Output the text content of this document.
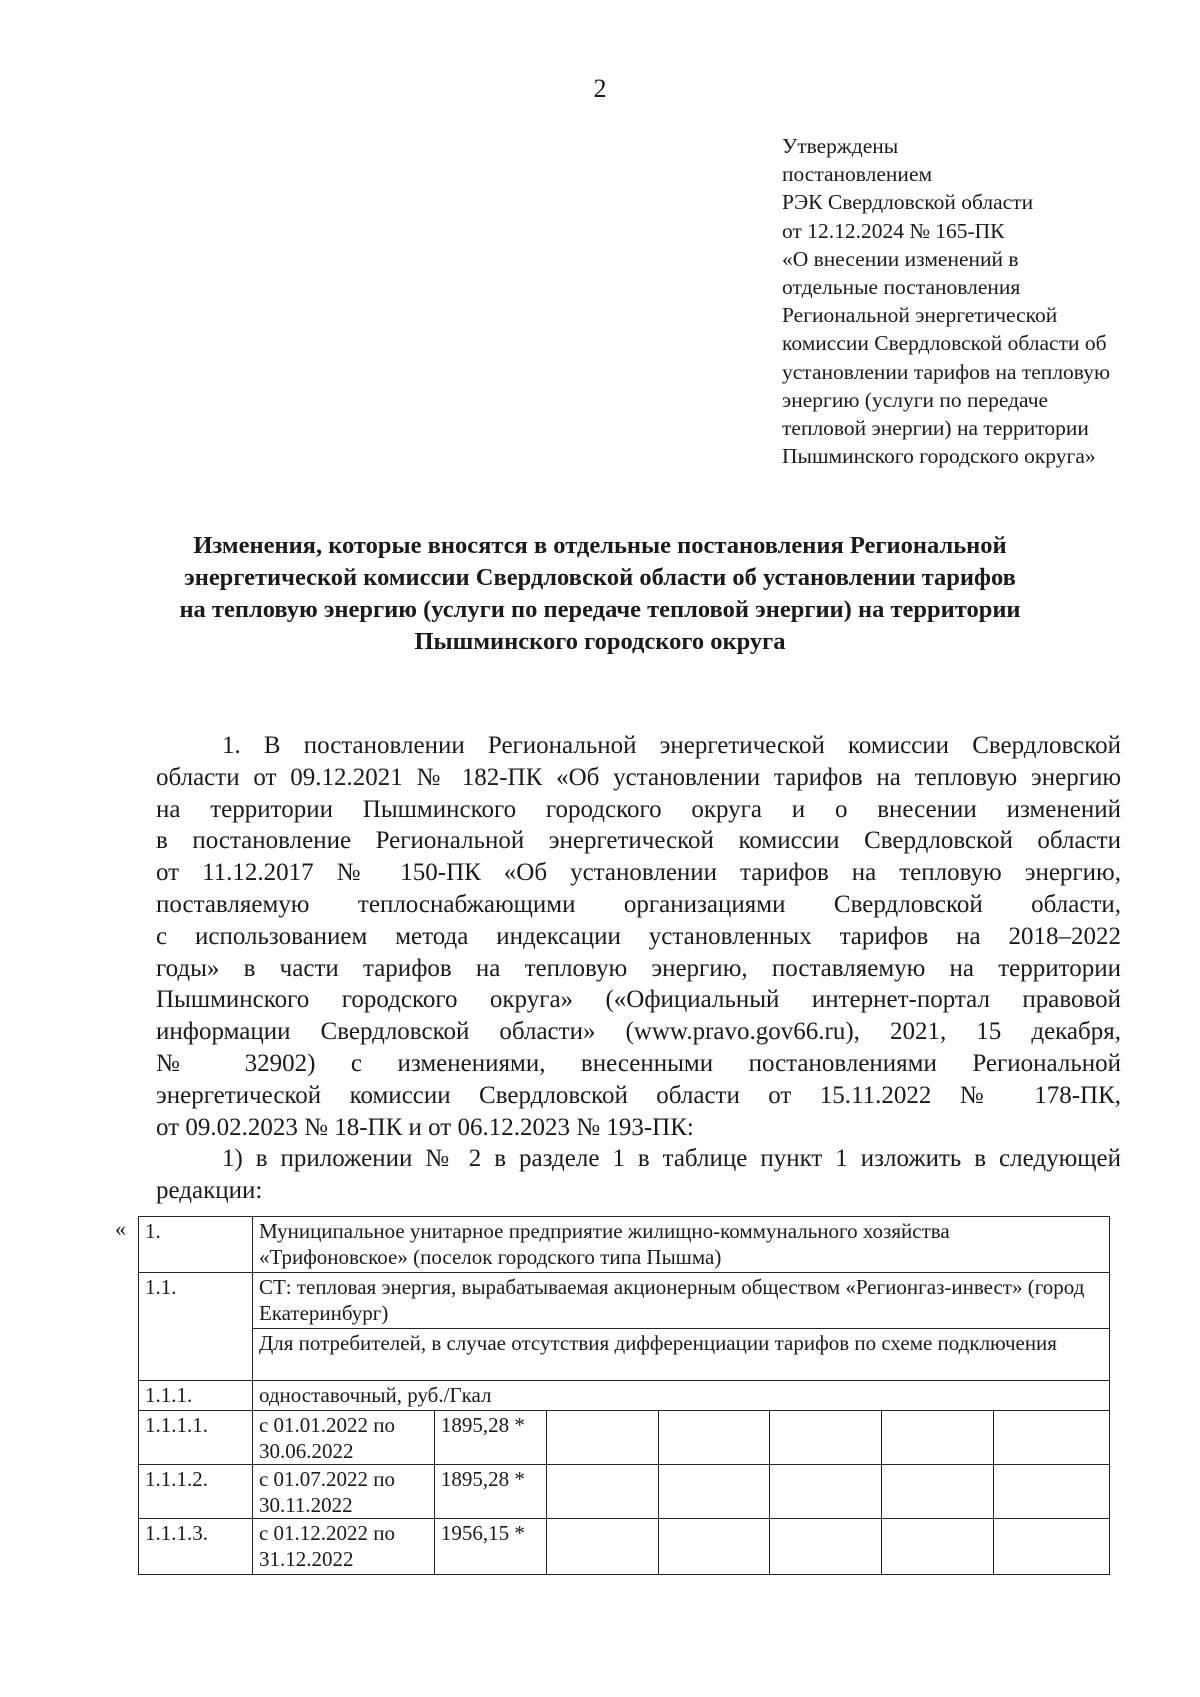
2
Утверждены
постановлением
РЭК Свердловской области
от 12.12.2024 № 165-ПК
«О внесении изменений в
отдельные постановления
Региональной энергетической
комиссии Свердловской области об
установлении тарифов на тепловую
энергию (услуги по передаче
тепловой энергии) на территории
Пышминского городского округа»
Изменения, которые вносятся в отдельные постановления Региональной
энергетической комиссии Свердловской области об установлении тарифов
на тепловую энергию (услуги по передаче тепловой энергии) на территории
Пышминского городского округа
1. В постановлении Региональной энергетической комиссии Свердловской
области от 09.12.2021 № 182-ПК «Об установлении тарифов на тепловую энергию
на территории Пышминского городского округа и о внесении изменений
в постановление Региональной энергетической комиссии Свердловской области
от 11.12.2017 № 150-ПК «Об установлении тарифов на тепловую энергию,
поставляемую теплоснабжающими организациями Свердловской области,
с использованием метода индексации установленных тарифов на 2018–2022
годы» в части тарифов на тепловую энергию, поставляемую на территории
Пышминского городского округа» («Официальный интернет-портал правовой
информации Свердловской области» (www.pravo.gov66.ru), 2021, 15 декабря,
№ 32902) с изменениями, внесенными постановлениями Региональной
энергетической комиссии Свердловской области от 15.11.2022 № 178-ПК,
от 09.02.2023 № 18-ПК и от 06.12.2023 № 193-ПК:
1) в приложении № 2 в разделе 1 в таблице пункт 1 изложить в следующей
редакции:
« 1.	Муниципальное унитарное предприятие жилищно-коммунального хозяйства «Трифоновское» (поселок городского типа Пышма)						
1.1.	СТ: тепловая энергия, вырабатываемая акционерным обществом «Регионгаз-инвест» (город Екатеринбург)						
	Для потребителей, в случае отсутствия дифференциации тарифов по схеме подключения						
1.1.1.	одноставочный, руб./Гкал						
1.1.1.1.	с 01.01.2022 по 30.06.2022	1895,28 *					
1.1.1.2.	с 01.07.2022 по 30.11.2022	1895,28 *					
1.1.1.3.	с 01.12.2022 по 31.12.2022	1956,15 *					
